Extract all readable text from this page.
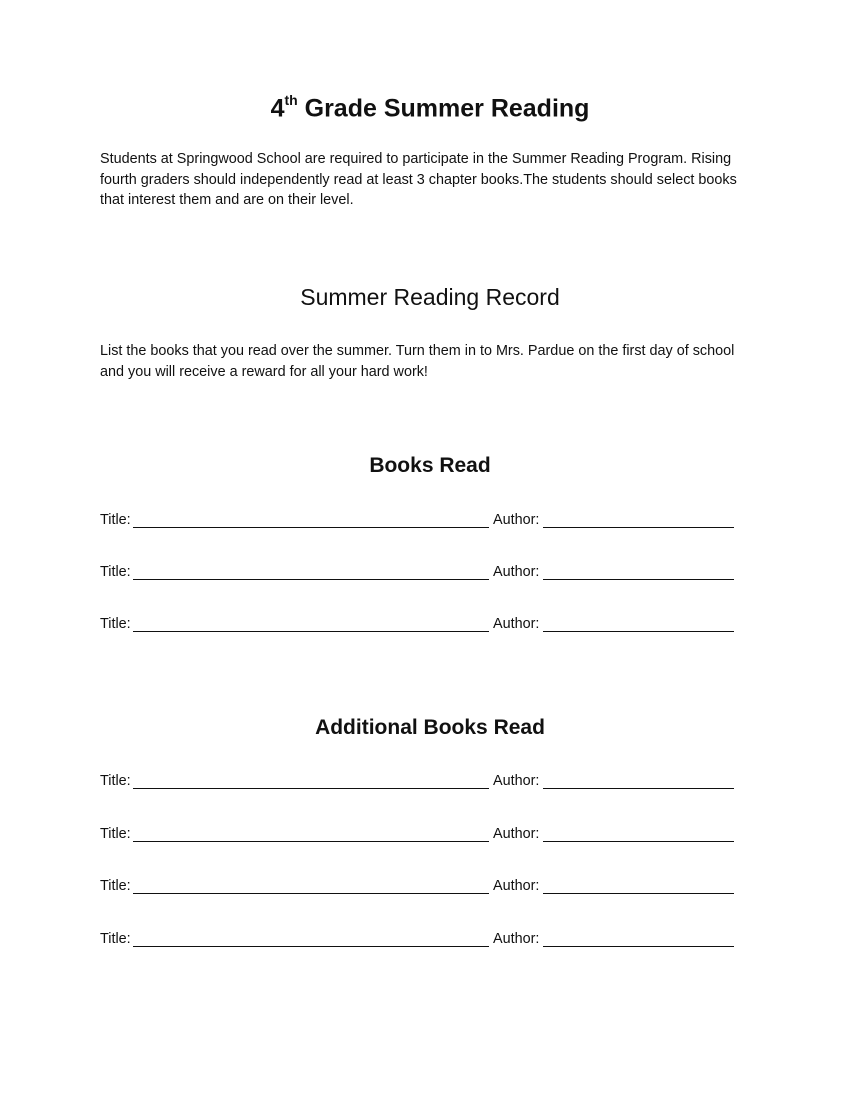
4th Grade Summer Reading

Students at Springwood School are required to participate in the Summer Reading Program. Rising fourth graders should independently read at least 3 chapter books.The students should select books that interest them and are on their level.

Summer Reading Record

List the books that you read over the summer. Turn them in to Mrs. Pardue on the first day of school and you will receive a reward for all your hard work!

Books Read
Title:	Author:
Title:	Author:
Title:	Author:
Additional Books Read
Title:	Author:
Title:	Author:
Title:	Author:
Title:	Author:
